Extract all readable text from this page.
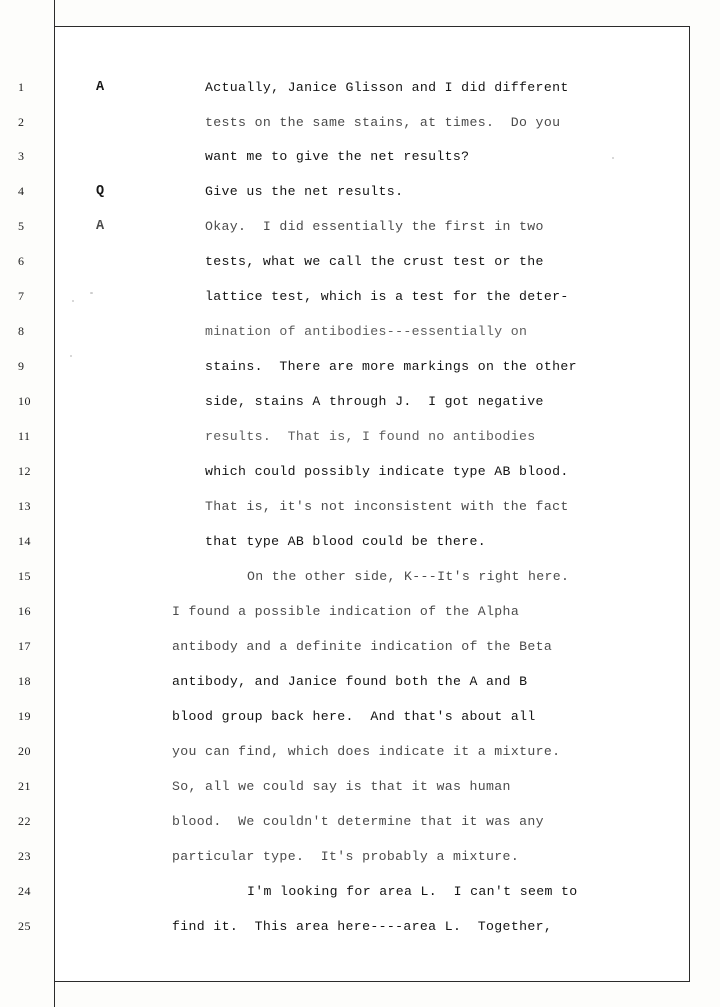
1	A	Actually, Janice Glisson and I did different
2	tests on the same stains, at times.  Do you
3	want me to give the net results?
4	Q	Give us the net results.
5	A	Okay.  I did essentially the first in two
6	tests, what we call the crust test or the
7	lattice test, which is a test for the deter-
8	mination of antibodies---essentially on
9	stains.  There are more markings on the other
10	side, stains A through J.  I got negative
11	results.  That is, I found no antibodies
12	which could possibly indicate type AB blood.
13	That is, it's not inconsistent with the fact
14	that type AB blood could be there.
15	On the other side, K---It's right here.
16	I found a possible indication of the Alpha
17	antibody and a definite indication of the Beta
18	antibody, and Janice found both the A and B
19	blood group back here.  And that's about all
20	you can find, which does indicate it a mixture.
21	So, all we could say is that it was human
22	blood.  We couldn't determine that it was any
23	particular type.  It's probably a mixture.
24	I'm looking for area L.  I can't seem to
25	find it.  This area here----area L.  Together,
